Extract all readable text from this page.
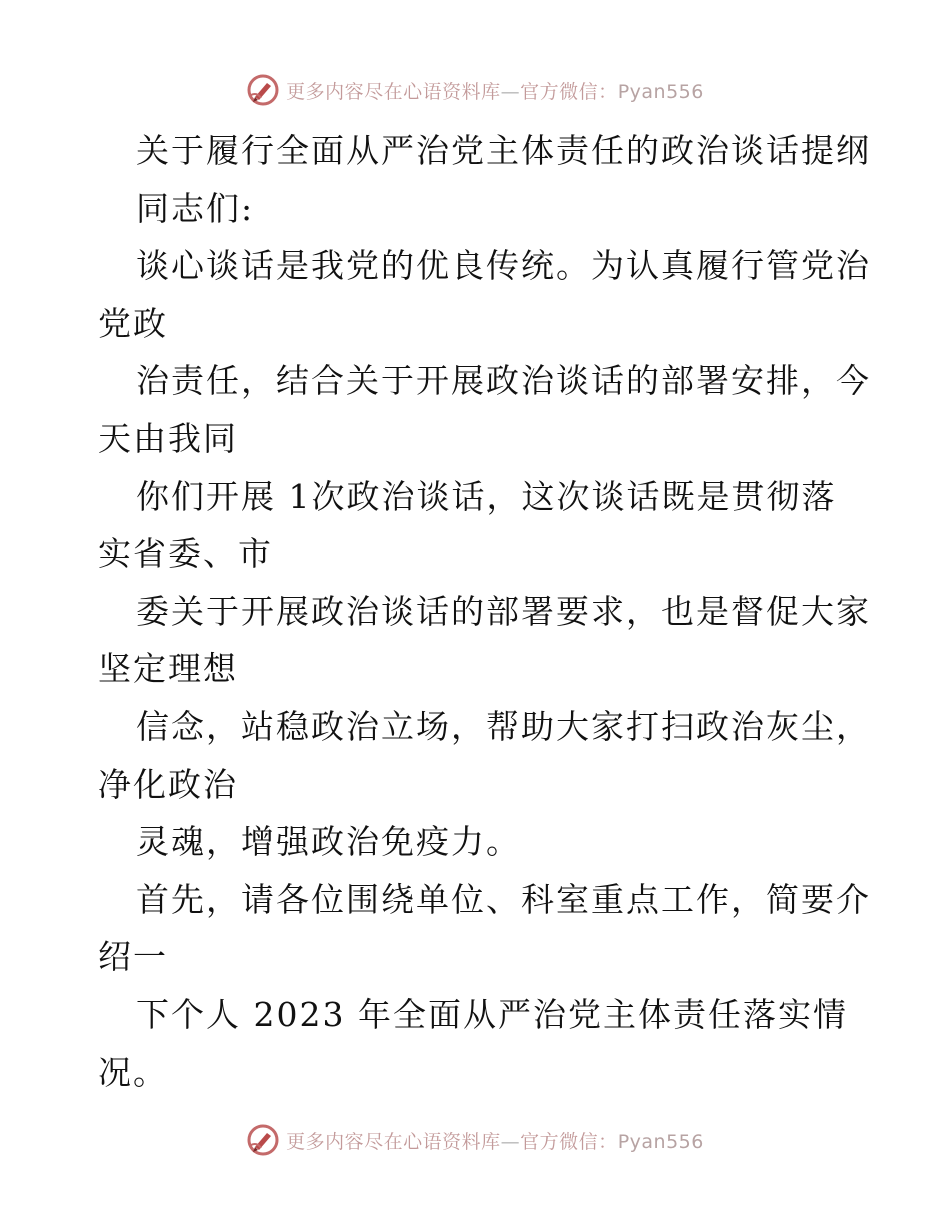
更多内容尽在心语资料库—官方微信：Pyan556
关于履行全面从严治党主体责任的政治谈话提纲
同志们:
谈心谈话是我党的优良传统。为认真履行管党治
党政
治责任，结合关于开展政治谈话的部署安排，今
天由我同
你们开展 1次政治谈话，这次谈话既是贯彻落
实省委、市
委关于开展政治谈话的部署要求，也是督促大家
坚定理想
信念，站稳政治立场，帮助大家打扫政治灰尘，
净化政治
灵魂，增强政治免疫力。
首先，请各位围绕单位、科室重点工作，简要介
绍一
下个人 2023 年全面从严治党主体责任落实情
况。
更多内容尽在心语资料库—官方微信：Pyan556
